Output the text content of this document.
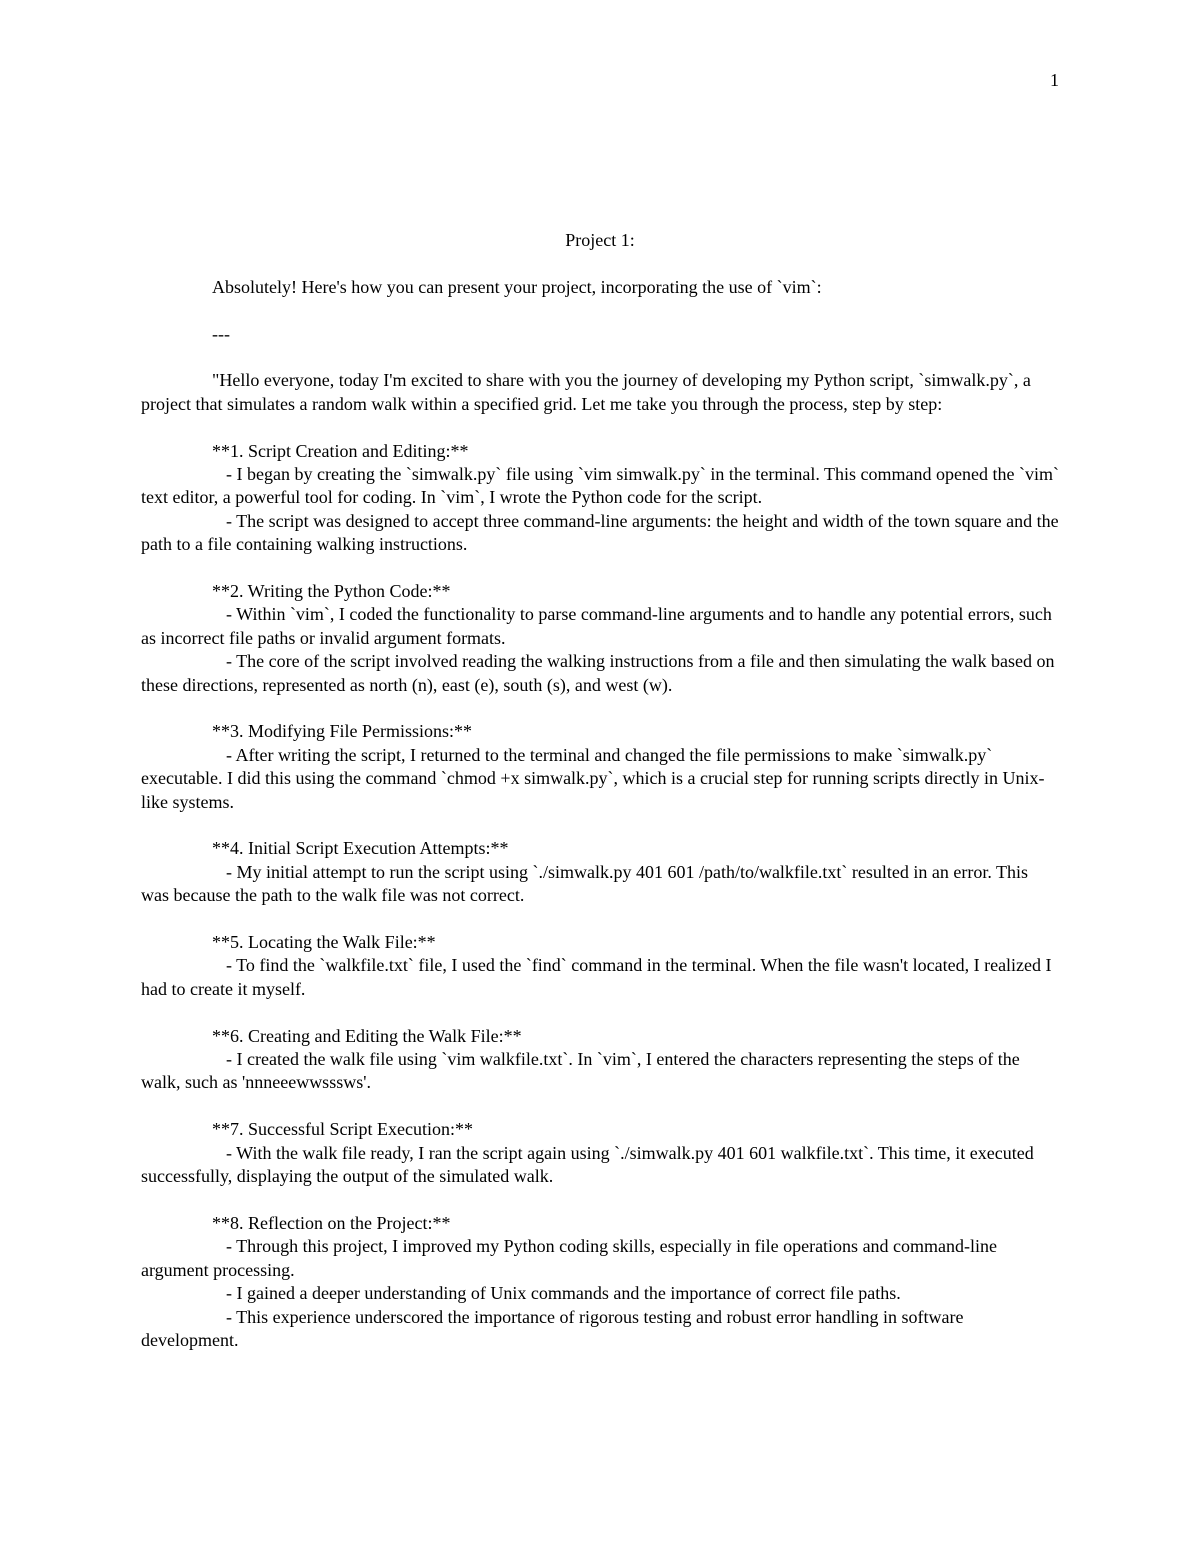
1

Project 1:

Absolutely! Here's how you can present your project, incorporating the use of `vim`:

---

"Hello everyone, today I'm excited to share with you the journey of developing my Python script, `simwalk.py`, a project that simulates a random walk within a specified grid. Let me take you through the process, step by step:

**1. Script Creation and Editing:**

- I began by creating the `simwalk.py` file using `vim simwalk.py` in the terminal. This command opened the `vim` text editor, a powerful tool for coding. In `vim`, I wrote the Python code for the script.

- The script was designed to accept three command-line arguments: the height and width of the town square and the path to a file containing walking instructions.

**2. Writing the Python Code:**

- Within `vim`, I coded the functionality to parse command-line arguments and to handle any potential errors, such as incorrect file paths or invalid argument formats.

- The core of the script involved reading the walking instructions from a file and then simulating the walk based on these directions, represented as north (n), east (e), south (s), and west (w).

**3. Modifying File Permissions:**

- After writing the script, I returned to the terminal and changed the file permissions to make `simwalk.py` executable. I did this using the command `chmod +x simwalk.py`, which is a crucial step for running scripts directly in Unix-like systems.

**4. Initial Script Execution Attempts:**

- My initial attempt to run the script using `./simwalk.py 401 601 /path/to/walkfile.txt` resulted in an error. This was because the path to the walk file was not correct.

**5. Locating the Walk File:**

- To find the `walkfile.txt` file, I used the `find` command in the terminal. When the file wasn't located, I realized I had to create it myself.

**6. Creating and Editing the Walk File:**

- I created the walk file using `vim walkfile.txt`. In `vim`, I entered the characters representing the steps of the walk, such as 'nnneeewwsssws'.

**7. Successful Script Execution:**

- With the walk file ready, I ran the script again using `./simwalk.py 401 601 walkfile.txt`. This time, it executed successfully, displaying the output of the simulated walk.

**8. Reflection on the Project:**

- Through this project, I improved my Python coding skills, especially in file operations and command-line argument processing.

- I gained a deeper understanding of Unix commands and the importance of correct file paths.

- This experience underscored the importance of rigorous testing and robust error handling in software development.
